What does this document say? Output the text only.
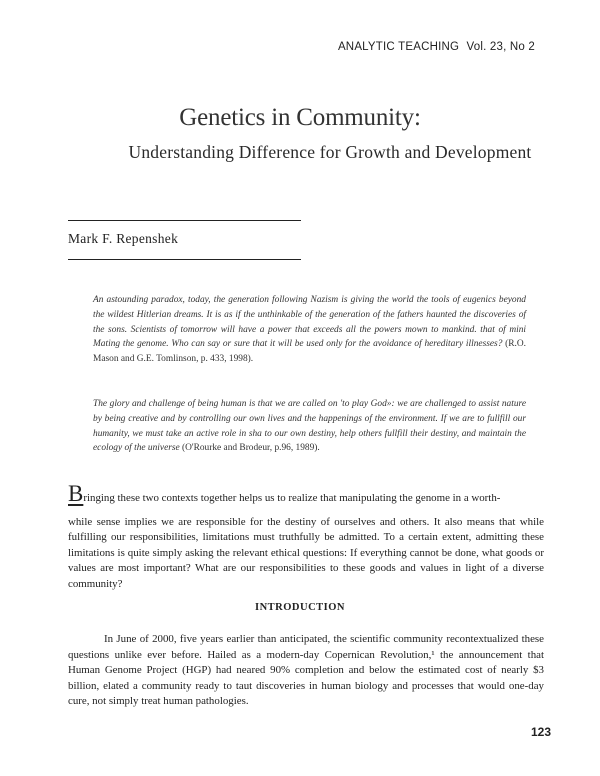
ANALYTIC TEACHING Vol. 23, No 2
Genetics in Community:
Understanding Difference for Growth and Development
Mark F. Repenshek
An astounding paradox, today, the generation following Nazism is giving the world the tools of eugenics beyond the wildest Hitlerian dreams. It is as if the unthinkable of the generation of the fathers haunted the discoveries of the sons. Scientists of tomorrow will have a power that exceeds all the powers mown to mankind. that of mini Mating the genome. Who can say or sure that it will be used only for the avoidance of hereditary illnesses? (R.O. Mason and G.E. Tomlinson, p. 433, 1998).
The glory and challenge of being human is that we are called on 'to play God»: we are challenged to assist nature by being creative and by controlling our own lives and the happenings of the environment. If we are to fullfill our humanity, we must take an active role in sha to our own destiny, help others fullfill their destiny, and maintain the ecology of the universe (O'Rourke and Brodeur, p.96, 1989).
B ringing these two contexts together helps us to realize that manipulating the genome in a worth-
while sense implies we are responsible for the destiny of ourselves and others. It also means that while fulfilling our responsibilities, limitations must truthfully be admitted. To a certain extent, admitting these limitations is quite simply asking the relevant ethical questions: If everything cannot be done, what goods or values are most important? What are our responsibilities to these goods and values in light of a diverse community?
INTRODUCTION
In June of 2000, five years earlier than anticipated, the scientific community recontextualized these questions unlike ever before. Hailed as a modern-day Copernican Revolution,¹ the announcement that Human Genome Project (HGP) had neared 90% completion and below the estimated cost of nearly $3 billion, elated a community ready to taut discoveries in human biology and processes that would one-day cure, not simply treat human pathologies.
123
